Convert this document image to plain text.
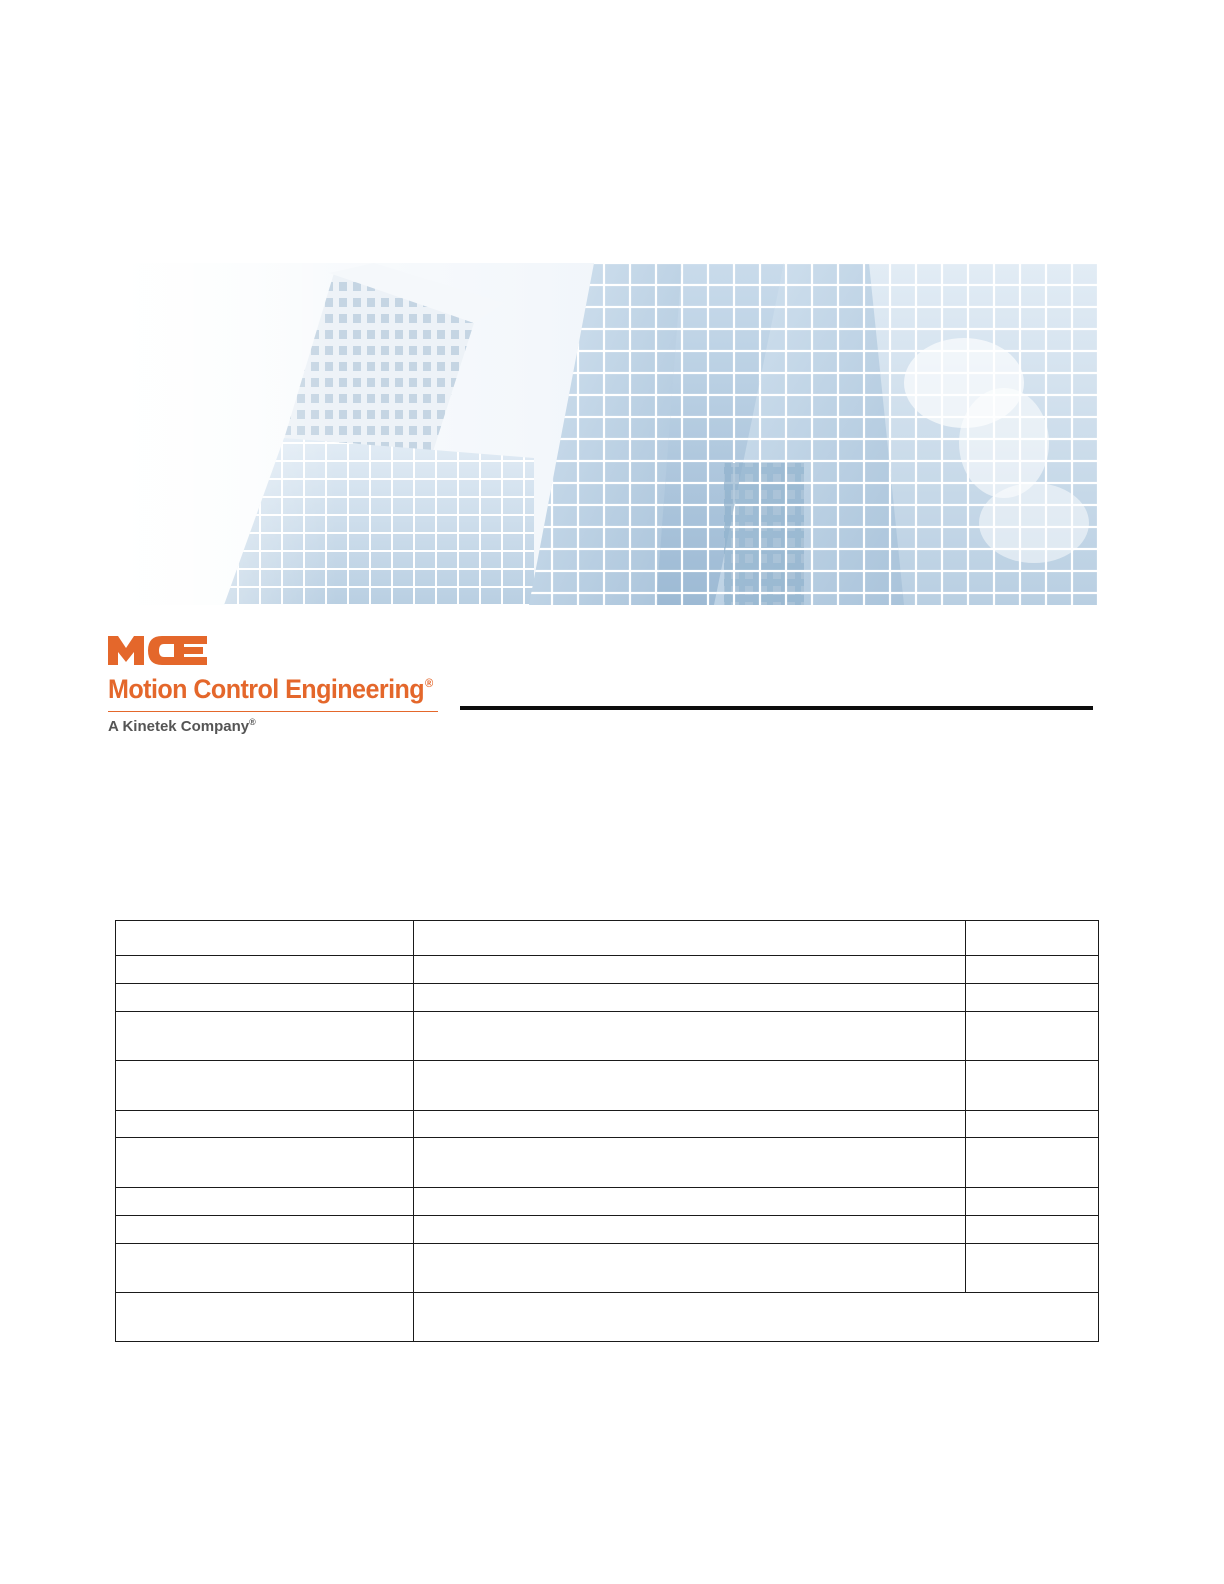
Motion Control Engineering®
A Kinetek Company®
